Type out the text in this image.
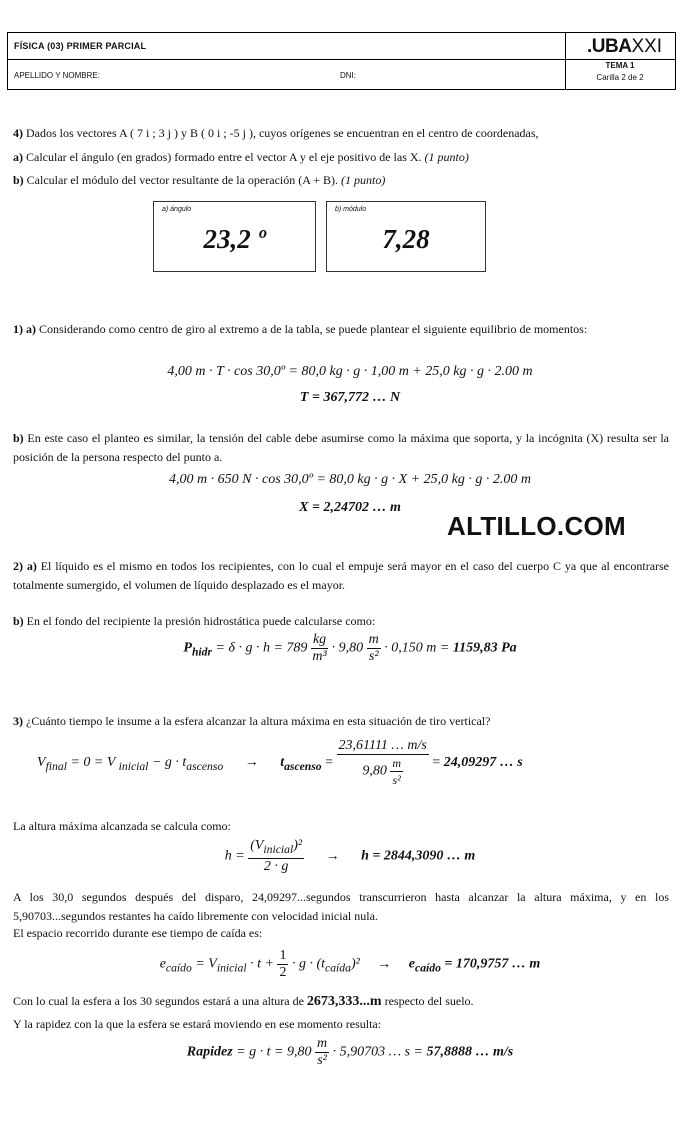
FÍSICA (03) PRIMER PARCIAL	.UBAXXI
APELLIDO Y NOMBRE:	DNI:
TEMA 1
Carilla 2 de 2
4) Dados los vectores A ( 7 i ; 3 j ) y B ( 0 i ; -5 j ), cuyos orígenes se encuentran en el centro de coordenadas,
a) Calcular el ángulo (en grados) formado entre el vector A y el eje positivo de las X. (1 punto)
b) Calcular el módulo del vector resultante de la operación (A + B). (1 punto)
a) ángulo
23,2 º
b) módulo
7,28
1) a) Considerando como centro de giro al extremo a de la tabla, se puede plantear el siguiente equilibrio de momentos:
4,00 m · T · cos 30,0º = 80,0 kg · g · 1,00 m + 25,0 kg · g · 2.00 m
T = 367,772 … N
b) En este caso el planteo es similar, la tensión del cable debe asumirse como la máxima que soporta, y la incógnita (X) resulta ser la posición de la persona respecto del punto a.
4,00 m · 650 N · cos 30,0º = 80,0 kg · g · X + 25,0 kg · g · 2.00 m
X = 2,24702 … m
ALTILLO.COM
2) a) El líquido es el mismo en todos los recipientes, con lo cual el empuje será mayor en el caso del cuerpo C ya que al encontrarse totalmente sumergido, el volumen de líquido desplazado es el mayor.
b) En el fondo del recipiente la presión hidrostática puede calcularse como:
$P_{hidr} = \delta \cdot g \cdot h = 789 \frac{kg}{\text{m³}} \cdot 9,80 \frac{m}{\text{s²}} \cdot 0,150$ m = 1159,83 Pa
3) ¿Cuánto tiempo le insume a la esfera alcanzar la altura máxima en esta situación de tiro vertical?
$V_{final} = 0 = V$ $_{inicial} - g \cdot t_{ascenso} \to t_{ascenso} = \frac{23,61111 \dots m/s}{9,80 \frac{m}{\text{s²}}} = 24,09297$ … s
La altura máxima alcanzada se calcula como:
$h = \frac{(V_{inicial})^2}{2 \cdot g} \to h = 2844,3090$ … m
A los 30,0 segundos después del disparo, 24,09297...segundos transcurrieron hasta alcanzar la altura máxima, y en los 5,90703...segundos restantes ha caído libremente con velocidad inicial nula.
El espacio recorrido durante ese tiempo de caída es:
$e_{caído} = V_{inicial} \cdot t + \frac{1}{2} \cdot g \cdot (t_{caída})^2 \to e_{caído} = 170,9757$ … m
Con lo cual la esfera a los 30 segundos estará a una altura de 2673,333...m respecto del suelo.
Y la rapidez con la que la esfera se estará moviendo en ese momento resulta:
Rapidez = $g \cdot t = 9,80 \frac{m}{\text{s²}} \cdot 5,90703$ … s = 57,8888 … m/s
